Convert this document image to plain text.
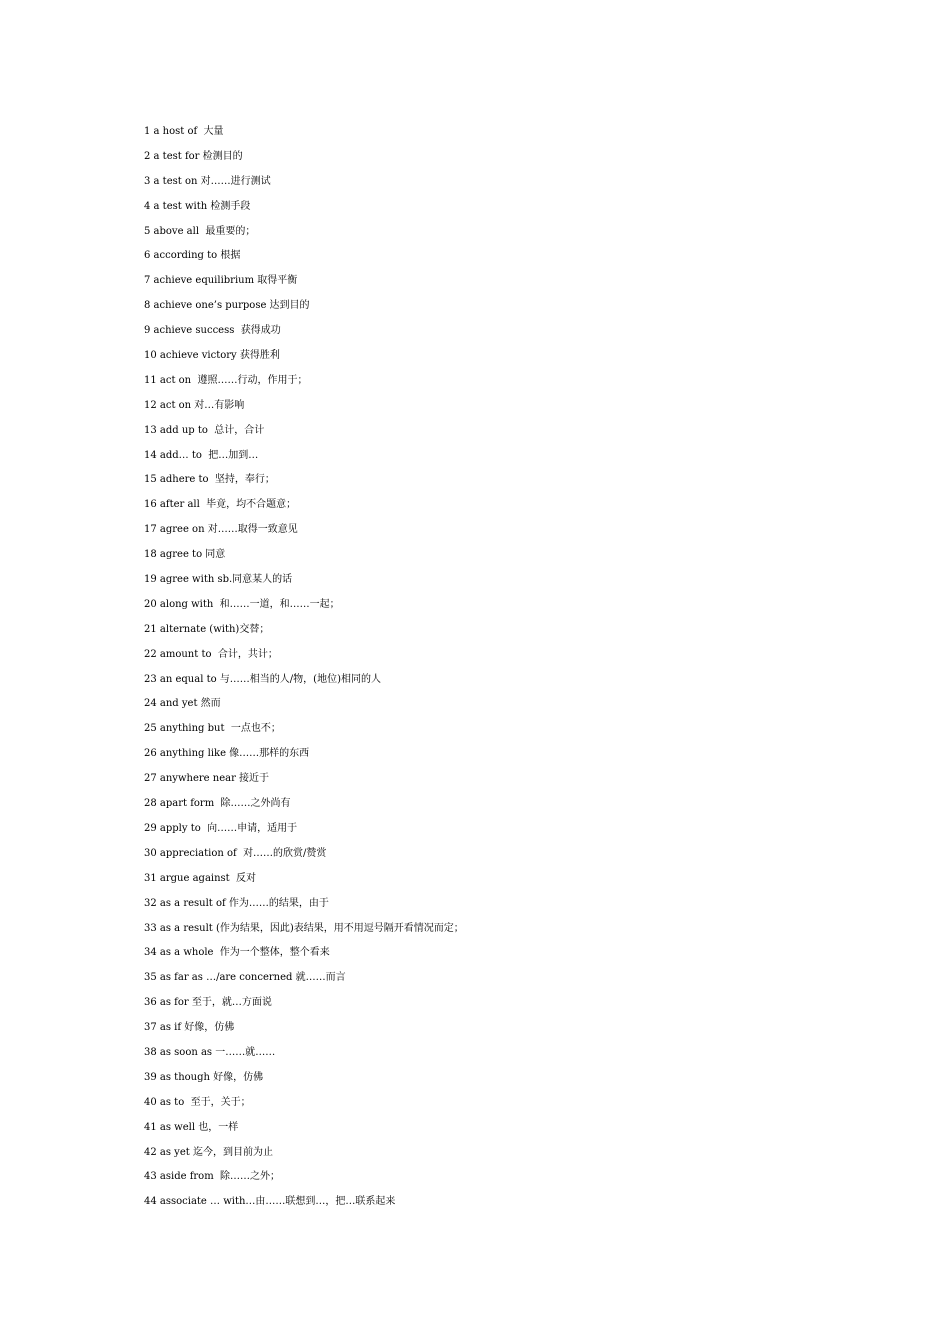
1 a host of  大量
2 a test for 检测目的
3 a test on 对……进行测试
4 a test with 检测手段
5 above all  最重要的；
6 according to 根据
7 achieve equilibrium 取得平衡
8 achieve one’s purpose 达到目的
9 achieve success  获得成功
10 achieve victory 获得胜利
11 act on  遵照……行动，作用于；
12 act on 对…有影响
13 add up to  总计，合计
14 add… to  把…加到…
15 adhere to  坚持，奉行；
16 after all  毕竟，均不合题意；
17 agree on 对……取得一致意见
18 agree to 同意
19 agree with sb.同意某人的话
20 along with  和……一道，和……一起；
21 alternate (with)交替；
22 amount to  合计，共计；
23 an equal to 与……相当的人/物，(地位)相同的人
24 and yet 然而
25 anything but  一点也不；
26 anything like 像……那样的东西
27 anywhere near 接近于
28 apart form  除……之外尚有
29 apply to  向……申请，适用于
30 appreciation of  对……的欣赏/赞赏
31 argue against  反对
32 as a result of 作为……的结果，由于
33 as a result (作为结果，因此)表结果，用不用逗号隔开看情况而定；
34 as a whole  作为一个整体，整个看来
35 as far as …/are concerned 就……而言
36 as for 至于，就…方面说
37 as if 好像，仿佛
38 as soon as 一……就……
39 as though 好像，仿佛
40 as to  至于，关于；
41 as well 也，一样
42 as yet 迄今，到目前为止
43 aside from  除……之外；
44 associate … with…由……联想到…，把…联系起来
